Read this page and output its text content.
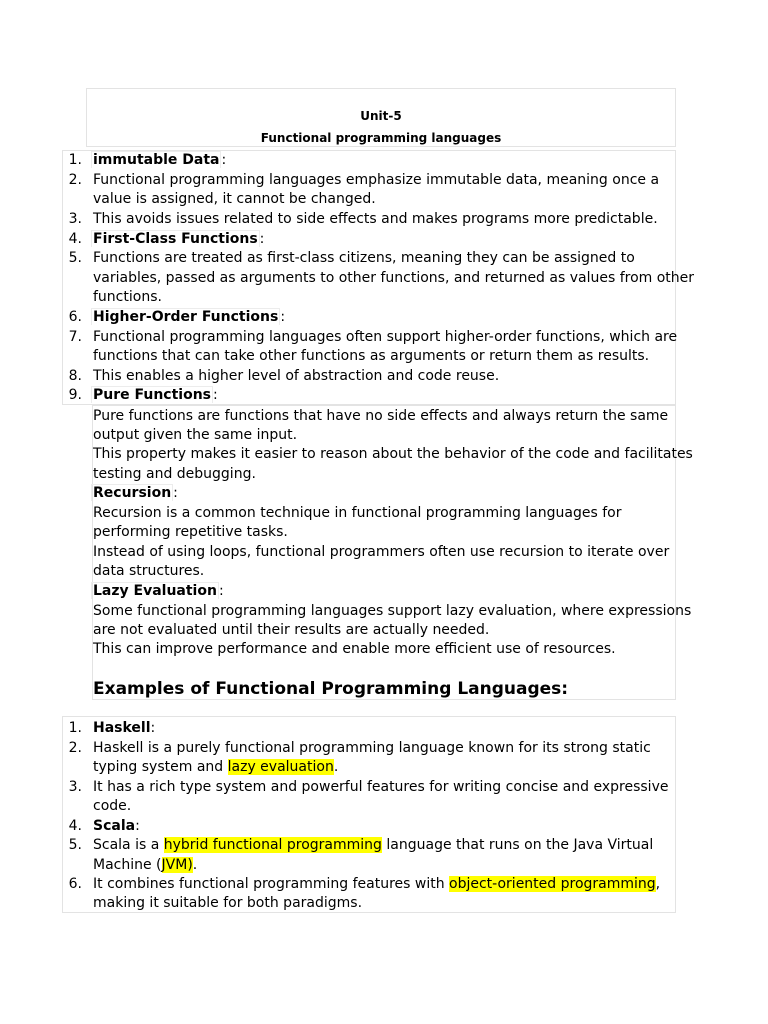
Unit-5
Functional programming languages
1. immutable Data :
2. Functional programming languages emphasize immutable data, meaning once a
value is assigned, it cannot be changed.
3. This avoids issues related to side effects and makes programs more predictable.
4. First-Class Functions :
5. Functions are treated as first-class citizens, meaning they can be assigned to
variables, passed as arguments to other functions, and returned as values from other
functions.
6. Higher-Order Functions :
7. Functional programming languages often support higher-order functions, which are
functions that can take other functions as arguments or return them as results.
8. This enables a higher level of abstraction and code reuse.
9. Pure Functions :
Pure functions are functions that have no side effects and always return the same
output given the same input.
This property makes it easier to reason about the behavior of the code and facilitates
testing and debugging.
Recursion :
Recursion is a common technique in functional programming languages for
performing repetitive tasks.
Instead of using loops, functional programmers often use recursion to iterate over
data structures.
Lazy Evaluation :
Some functional programming languages support lazy evaluation, where expressions
are not evaluated until their results are actually needed.
This can improve performance and enable more efficient use of resources.
Examples of Functional Programming Languages:
1. Haskell:
2. Haskell is a purely functional programming language known for its strong static
typing system and lazy evaluation.
3. It has a rich type system and powerful features for writing concise and expressive
code.
4. Scala:
5. Scala is a hybrid functional programming language that runs on the Java Virtual
Machine (JVM).
6. It combines functional programming features with object-oriented programming,
making it suitable for both paradigms.
